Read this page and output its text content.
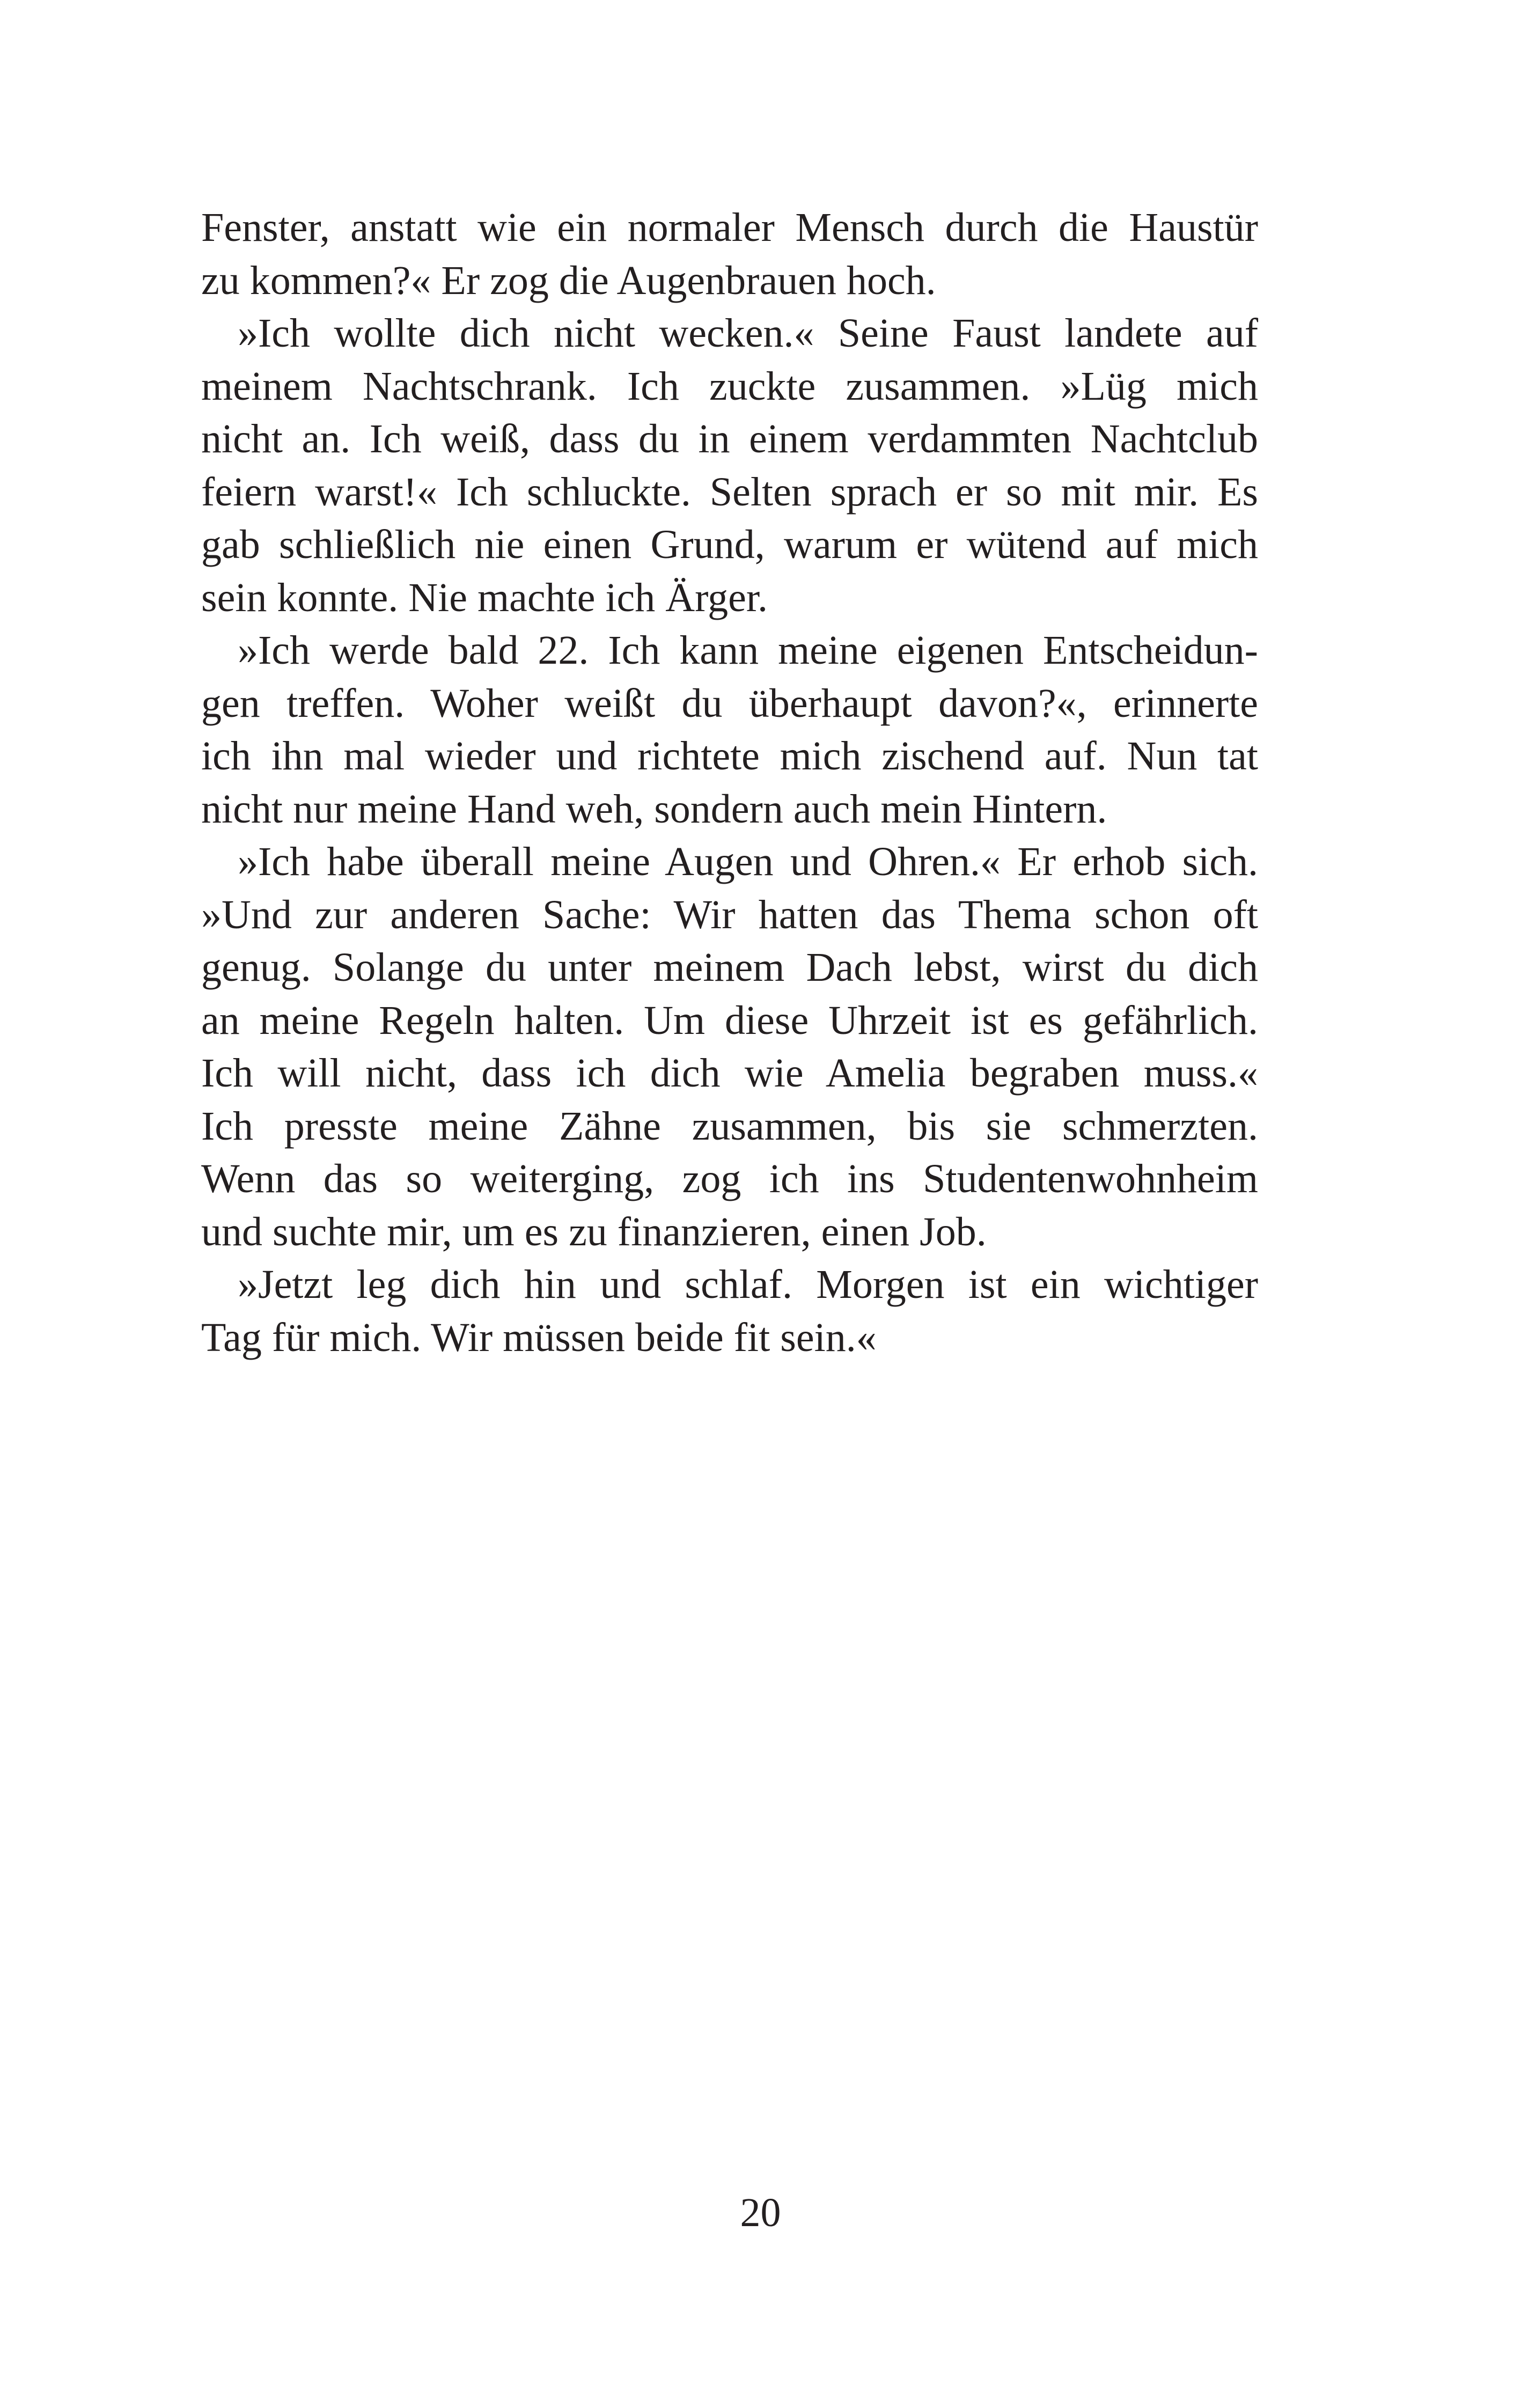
Fenster, anstatt wie ein normaler Mensch durch die Haustür
zu kommen?« Er zog die Augenbrauen hoch.
»Ich wollte dich nicht wecken.« Seine Faust landete auf
meinem Nachtschrank. Ich zuckte zusammen. »Lüg mich
nicht an. Ich weiß, dass du in einem verdammten Nachtclub
feiern warst!« Ich schluckte. Selten sprach er so mit mir. Es
gab schließlich nie einen Grund, warum er wütend auf mich
sein konnte. Nie machte ich Ärger.
»Ich werde bald 22. Ich kann meine eigenen Entscheidun-
gen treffen. Woher weißt du überhaupt davon?«, erinnerte
ich ihn mal wieder und richtete mich zischend auf. Nun tat
nicht nur meine Hand weh, sondern auch mein Hintern.
»Ich habe überall meine Augen und Ohren.« Er erhob sich.
»Und zur anderen Sache: Wir hatten das Thema schon oft
genug. Solange du unter meinem Dach lebst, wirst du dich
an meine Regeln halten. Um diese Uhrzeit ist es gefährlich.
Ich will nicht, dass ich dich wie Amelia begraben muss.«
Ich presste meine Zähne zusammen, bis sie schmerzten.
Wenn das so weiterging, zog ich ins Studentenwohnheim
und suchte mir, um es zu finanzieren, einen Job.
»Jetzt leg dich hin und schlaf. Morgen ist ein wichtiger
Tag für mich. Wir müssen beide fit sein.«
20
